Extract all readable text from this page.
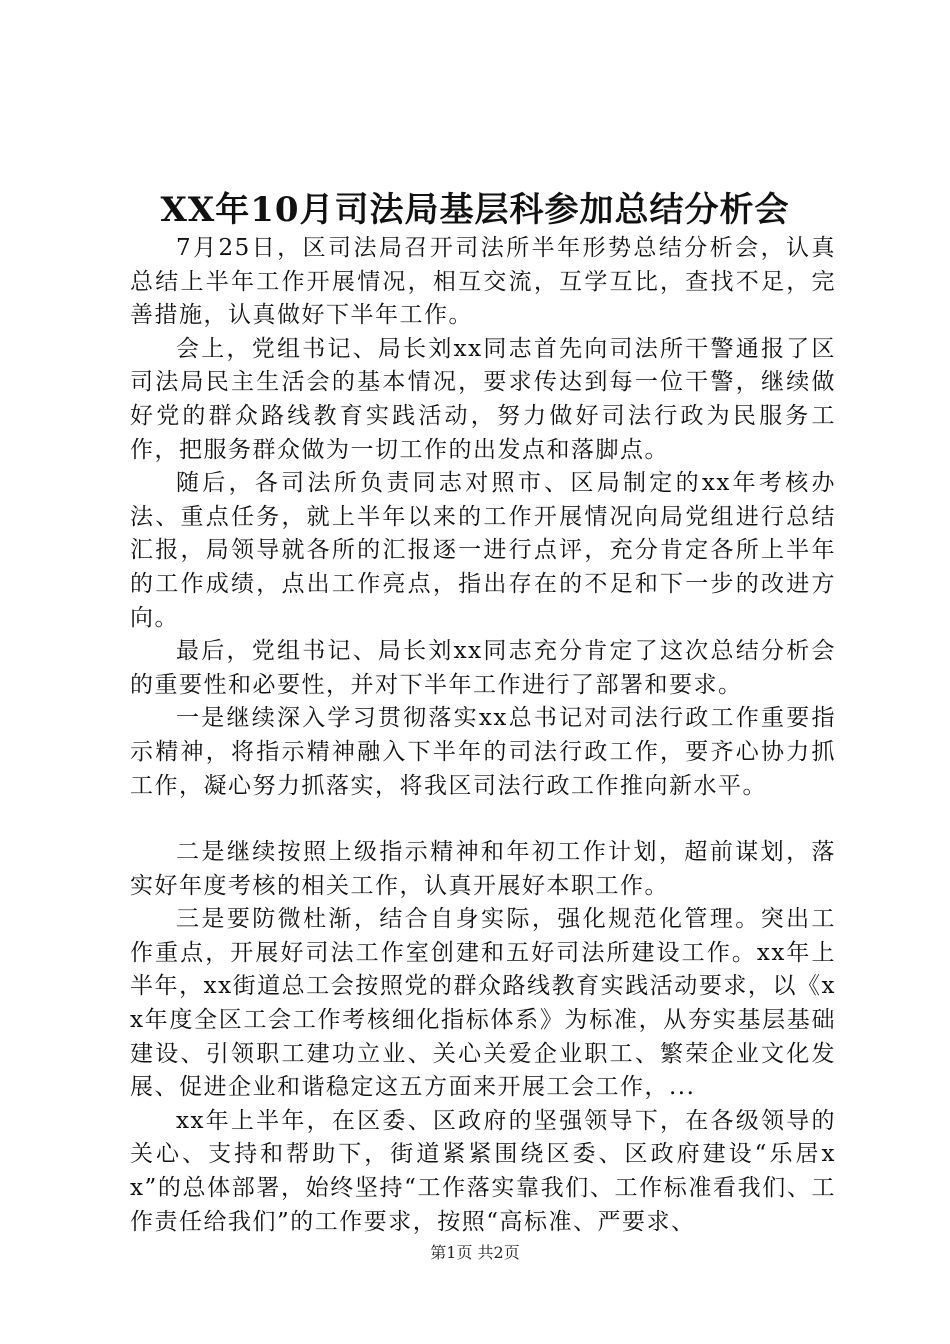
XX年10月司法局基层科参加总结分析会

7月25日，区司法局召开司法所半年形势总结分析会，认真总结上半年工作开展情况，相互交流，互学互比，查找不足，完善措施，认真做好下半年工作。

会上，党组书记、局长刘xx同志首先向司法所干警通报了区司法局民主生活会的基本情况，要求传达到每一位干警，继续做好党的群众路线教育实践活动，努力做好司法行政为民服务工作，把服务群众做为一切工作的出发点和落脚点。

随后，各司法所负责同志对照市、区局制定的xx年考核办法、重点任务，就上半年以来的工作开展情况向局党组进行总结汇报，局领导就各所的汇报逐一进行点评，充分肯定各所上半年的工作成绩，点出工作亮点，指出存在的不足和下一步的改进方向。

最后，党组书记、局长刘xx同志充分肯定了这次总结分析会的重要性和必要性，并对下半年工作进行了部署和要求。

一是继续深入学习贯彻落实xx总书记对司法行政工作重要指示精神，将指示精神融入下半年的司法行政工作，要齐心协力抓工作，凝心努力抓落实，将我区司法行政工作推向新水平。

二是继续按照上级指示精神和年初工作计划，超前谋划，落实好年度考核的相关工作，认真开展好本职工作。

三是要防微杜渐，结合自身实际，强化规范化管理。突出工作重点，开展好司法工作室创建和五好司法所建设工作。xx年上半年，xx街道总工会按照党的群众路线教育实践活动要求，以《xx年度全区工会工作考核细化指标体系》为标准，从夯实基层基础建设、引领职工建功立业、关心关爱企业职工、繁荣企业文化发展、促进企业和谐稳定这五方面来开展工会工作，...

xx年上半年，在区委、区政府的坚强领导下，在各级领导的关心、支持和帮助下，街道紧紧围绕区委、区政府建设“乐居xx”的总体部署，始终坚持“工作落实靠我们、工作标准看我们、工作责任给我们”的工作要求，按照“高标准、严要求、

第1页 共2页
